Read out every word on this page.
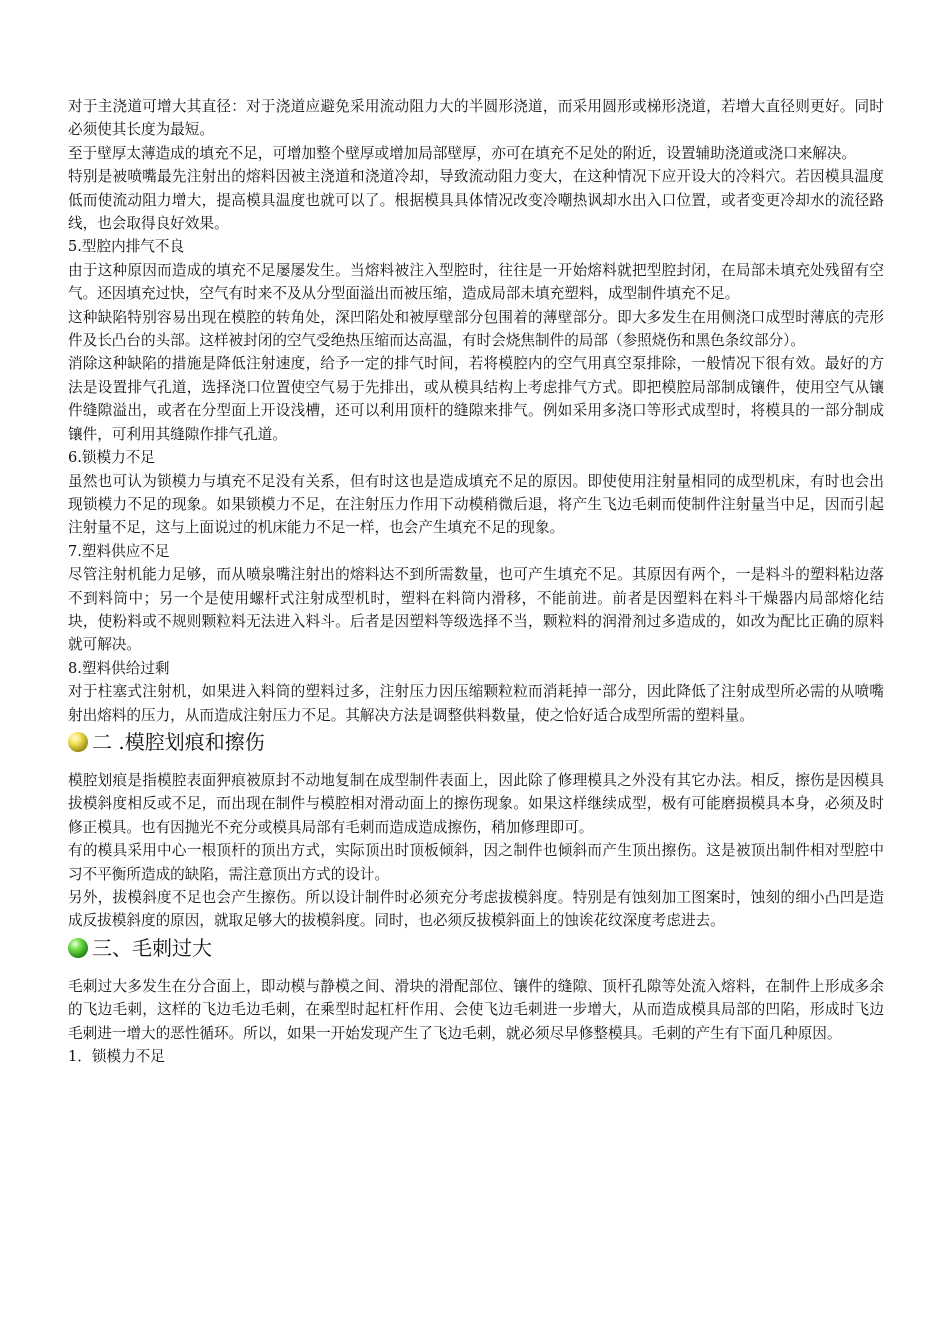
对于主浇道可增大其直径：对于浇道应避免采用流动阻力大的半圆形浇道，而采用圆形或梯形浇道，若增大直径则更好。同时必须使其长度为最短。

至于壁厚太薄造成的填充不足，可增加整个壁厚或增加局部壁厚，亦可在填充不足处的附近，设置辅助浇道或浇口来解决。

特别是被喷嘴最先注射出的熔料因被主浇道和浇道冷却，导致流动阻力变大，在这种情况下应开设大的冷料穴。若因模具温度低而使流动阻力增大，提高模具温度也就可以了。根据模具具体情况改变冷嘲热讽却水出入口位置，或者变更冷却水的流径路线，也会取得良好效果。

5.型腔内排气不良

由于这种原因而造成的填充不足屡屡发生。当熔料被注入型腔时，往往是一开始熔料就把型腔封闭，在局部未填充处残留有空气。还因填充过快，空气有时来不及从分型面溢出而被压缩，造成局部未填充塑料，成型制件填充不足。

这种缺陷特别容易出现在模腔的转角处，深凹陷处和被厚壁部分包围着的薄壁部分。即大多发生在用侧浇口成型时薄底的壳形件及长凸台的头部。这样被封闭的空气受绝热压缩而达高温，有时会烧焦制件的局部（参照烧伤和黑色条纹部分）。

消除这种缺陷的措施是降低注射速度，给予一定的排气时间，若将模腔内的空气用真空泵排除，一般情况下很有效。最好的方法是设置排气孔道，选择浇口位置使空气易于先排出，或从模具结构上考虑排气方式。即把模腔局部制成镶件，使用空气从镶件缝隙溢出，或者在分型面上开设浅槽，还可以利用顶杆的缝隙来排气。例如采用多浇口等形式成型时，将模具的一部分制成镶件，可利用其缝隙作排气孔道。

6.锁模力不足

虽然也可认为锁模力与填充不足没有关系，但有时这也是造成填充不足的原因。即使使用注射量相同的成型机床，有时也会出现锁模力不足的现象。如果锁模力不足，在注射压力作用下动模稍微后退，将产生飞边毛刺而使制件注射量当中足，因而引起注射量不足，这与上面说过的机床能力不足一样，也会产生填充不足的现象。

7.塑料供应不足

尽管注射机能力足够，而从喷泉嘴注射出的熔料达不到所需数量，也可产生填充不足。其原因有两个，一是料斗的塑料粘边落不到料筒中；另一个是使用螺杆式注射成型机时，塑料在料筒内滑移，不能前进。前者是因塑料在料斗干燥器内局部熔化结块，使粉料或不规则颗粒料无法进入料斗。后者是因塑料等级选择不当，颗粒料的润滑剂过多造成的，如改为配比正确的原料就可解决。

8.塑料供给过剩

对于柱塞式注射机，如果进入料筒的塑料过多，注射压力因压缩颗粒粒而消耗掉一部分，因此降低了注射成型所必需的从喷嘴射出熔料的压力，从而造成注射压力不足。其解决方法是调整供料数量，使之恰好适合成型所需的塑料量。

二 .模腔划痕和擦伤

模腔划痕是指模腔表面狎痕被原封不动地复制在成型制件表面上，因此除了修理模具之外没有其它办法。相反，擦伤是因模具拔模斜度相反或不足，而出现在制件与模腔相对滑动面上的擦伤现象。如果这样继续成型，极有可能磨损模具本身，必须及时修正模具。也有因抛光不充分或模具局部有毛刺而造成造成擦伤，稍加修理即可。

有的模具采用中心一根顶杆的顶出方式，实际顶出时顶板倾斜，因之制件也倾斜而产生顶出擦伤。这是被顶出制件相对型腔中习不平衡所造成的缺陷，需注意顶出方式的设计。

另外，拔模斜度不足也会产生擦伤。所以设计制件时必须充分考虑拔模斜度。特别是有蚀刻加工图案时，蚀刻的细小凸凹是造成反拔模斜度的原因，就取足够大的拔模斜度。同时，也必须反拔模斜面上的蚀诶花纹深度考虑进去。

三、毛刺过大

毛刺过大多发生在分合面上，即动模与静模之间、滑块的滑配部位、镶件的缝隙、顶杆孔隙等处流入熔料，在制件上形成多余的飞边毛刺，这样的飞边毛边毛刺，在乘型时起杠杆作用、会使飞边毛刺进一步增大，从而造成模具局部的凹陷，形成时飞边毛刺进一增大的恶性循环。所以，如果一开始发现产生了飞边毛刺，就必须尽早修整模具。毛刺的产生有下面几种原因。

1．锁模力不足
